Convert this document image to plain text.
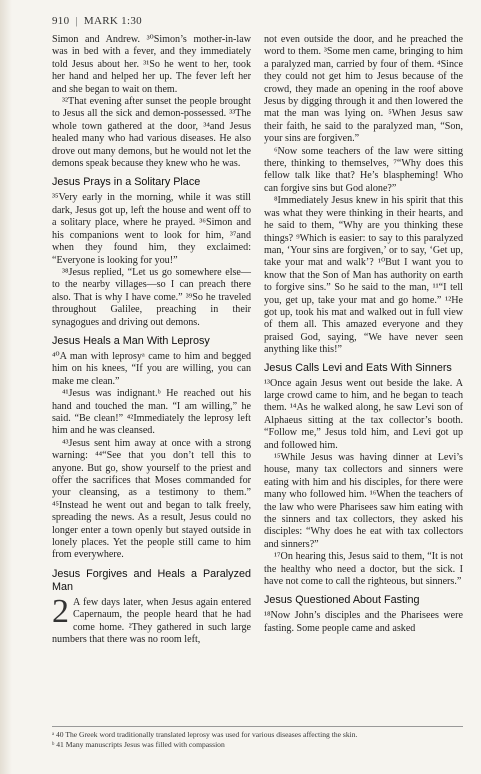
910 | MARK 1:30

Simon and Andrew. ³⁰Simon’s mother-in-law was in bed with a fever, and they immediately told Jesus about her. ³¹So he went to her, took her hand and helped her up. The fever left her and she began to wait on them.

³²That evening after sunset the people brought to Jesus all the sick and demon-possessed. ³³The whole town gathered at the door, ³⁴and Jesus healed many who had various diseases. He also drove out many demons, but he would not let the demons speak because they knew who he was.

Jesus Prays in a Solitary Place

³⁵Very early in the morning, while it was still dark, Jesus got up, left the house and went off to a solitary place, where he prayed. ³⁶Simon and his companions went to look for him, ³⁷and when they found him, they exclaimed: “Everyone is looking for you!”

³⁸Jesus replied, “Let us go somewhere else—to the nearby villages—so I can preach there also. That is why I have come.” ³⁹So he traveled throughout Galilee, preaching in their synagogues and driving out demons.

Jesus Heals a Man With Leprosy

⁴⁰A man with leprosyᵃ came to him and begged him on his knees, “If you are willing, you can make me clean.”

⁴¹Jesus was indignant.ᵇ He reached out his hand and touched the man. “I am willing,” he said. “Be clean!” ⁴²Immediately the leprosy left him and he was cleansed.

⁴³Jesus sent him away at once with a strong warning: ⁴⁴“See that you don’t tell this to anyone. But go, show yourself to the priest and offer the sacrifices that Moses commanded for your cleansing, as a testimony to them.” ⁴⁵Instead he went out and began to talk freely, spreading the news. As a result, Jesus could no longer enter a town openly but stayed outside in lonely places. Yet the people still came to him from everywhere.

Jesus Forgives and Heals a Paralyzed Man
2 A few days later, when Jesus again entered Capernaum, the people heard that he had come home. ²They gathered in such large numbers that there was no room left,

not even outside the door, and he preached the word to them. ³Some men came, bringing to him a paralyzed man, carried by four of them. ⁴Since they could not get him to Jesus because of the crowd, they made an opening in the roof above Jesus by digging through it and then lowered the mat the man was lying on. ⁵When Jesus saw their faith, he said to the paralyzed man, “Son, your sins are forgiven.”

⁶Now some teachers of the law were sitting there, thinking to themselves, ⁷“Why does this fellow talk like that? He’s blaspheming! Who can forgive sins but God alone?”

⁸Immediately Jesus knew in his spirit that this was what they were thinking in their hearts, and he said to them, “Why are you thinking these things? ⁹Which is easier: to say to this paralyzed man, ‘Your sins are forgiven,’ or to say, ‘Get up, take your mat and walk’? ¹⁰But I want you to know that the Son of Man has authority on earth to forgive sins.” So he said to the man, ¹¹“I tell you, get up, take your mat and go home.” ¹²He got up, took his mat and walked out in full view of them all. This amazed everyone and they praised God, saying, “We have never seen anything like this!”

Jesus Calls Levi and Eats With Sinners

¹³Once again Jesus went out beside the lake. A large crowd came to him, and he began to teach them. ¹⁴As he walked along, he saw Levi son of Alphaeus sitting at the tax collector’s booth. “Follow me,” Jesus told him, and Levi got up and followed him.

¹⁵While Jesus was having dinner at Levi’s house, many tax collectors and sinners were eating with him and his disciples, for there were many who followed him. ¹⁶When the teachers of the law who were Pharisees saw him eating with the sinners and tax collectors, they asked his disciples: “Why does he eat with tax collectors and sinners?”

¹⁷On hearing this, Jesus said to them, “It is not the healthy who need a doctor, but the sick. I have not come to call the righteous, but sinners.”

Jesus Questioned About Fasting

¹⁸Now John’s disciples and the Pharisees were fasting. Some people came and asked

ᵃ 40 The Greek word traditionally translated leprosy was used for various diseases affecting the skin.
ᵇ 41 Many manuscripts Jesus was filled with compassion
